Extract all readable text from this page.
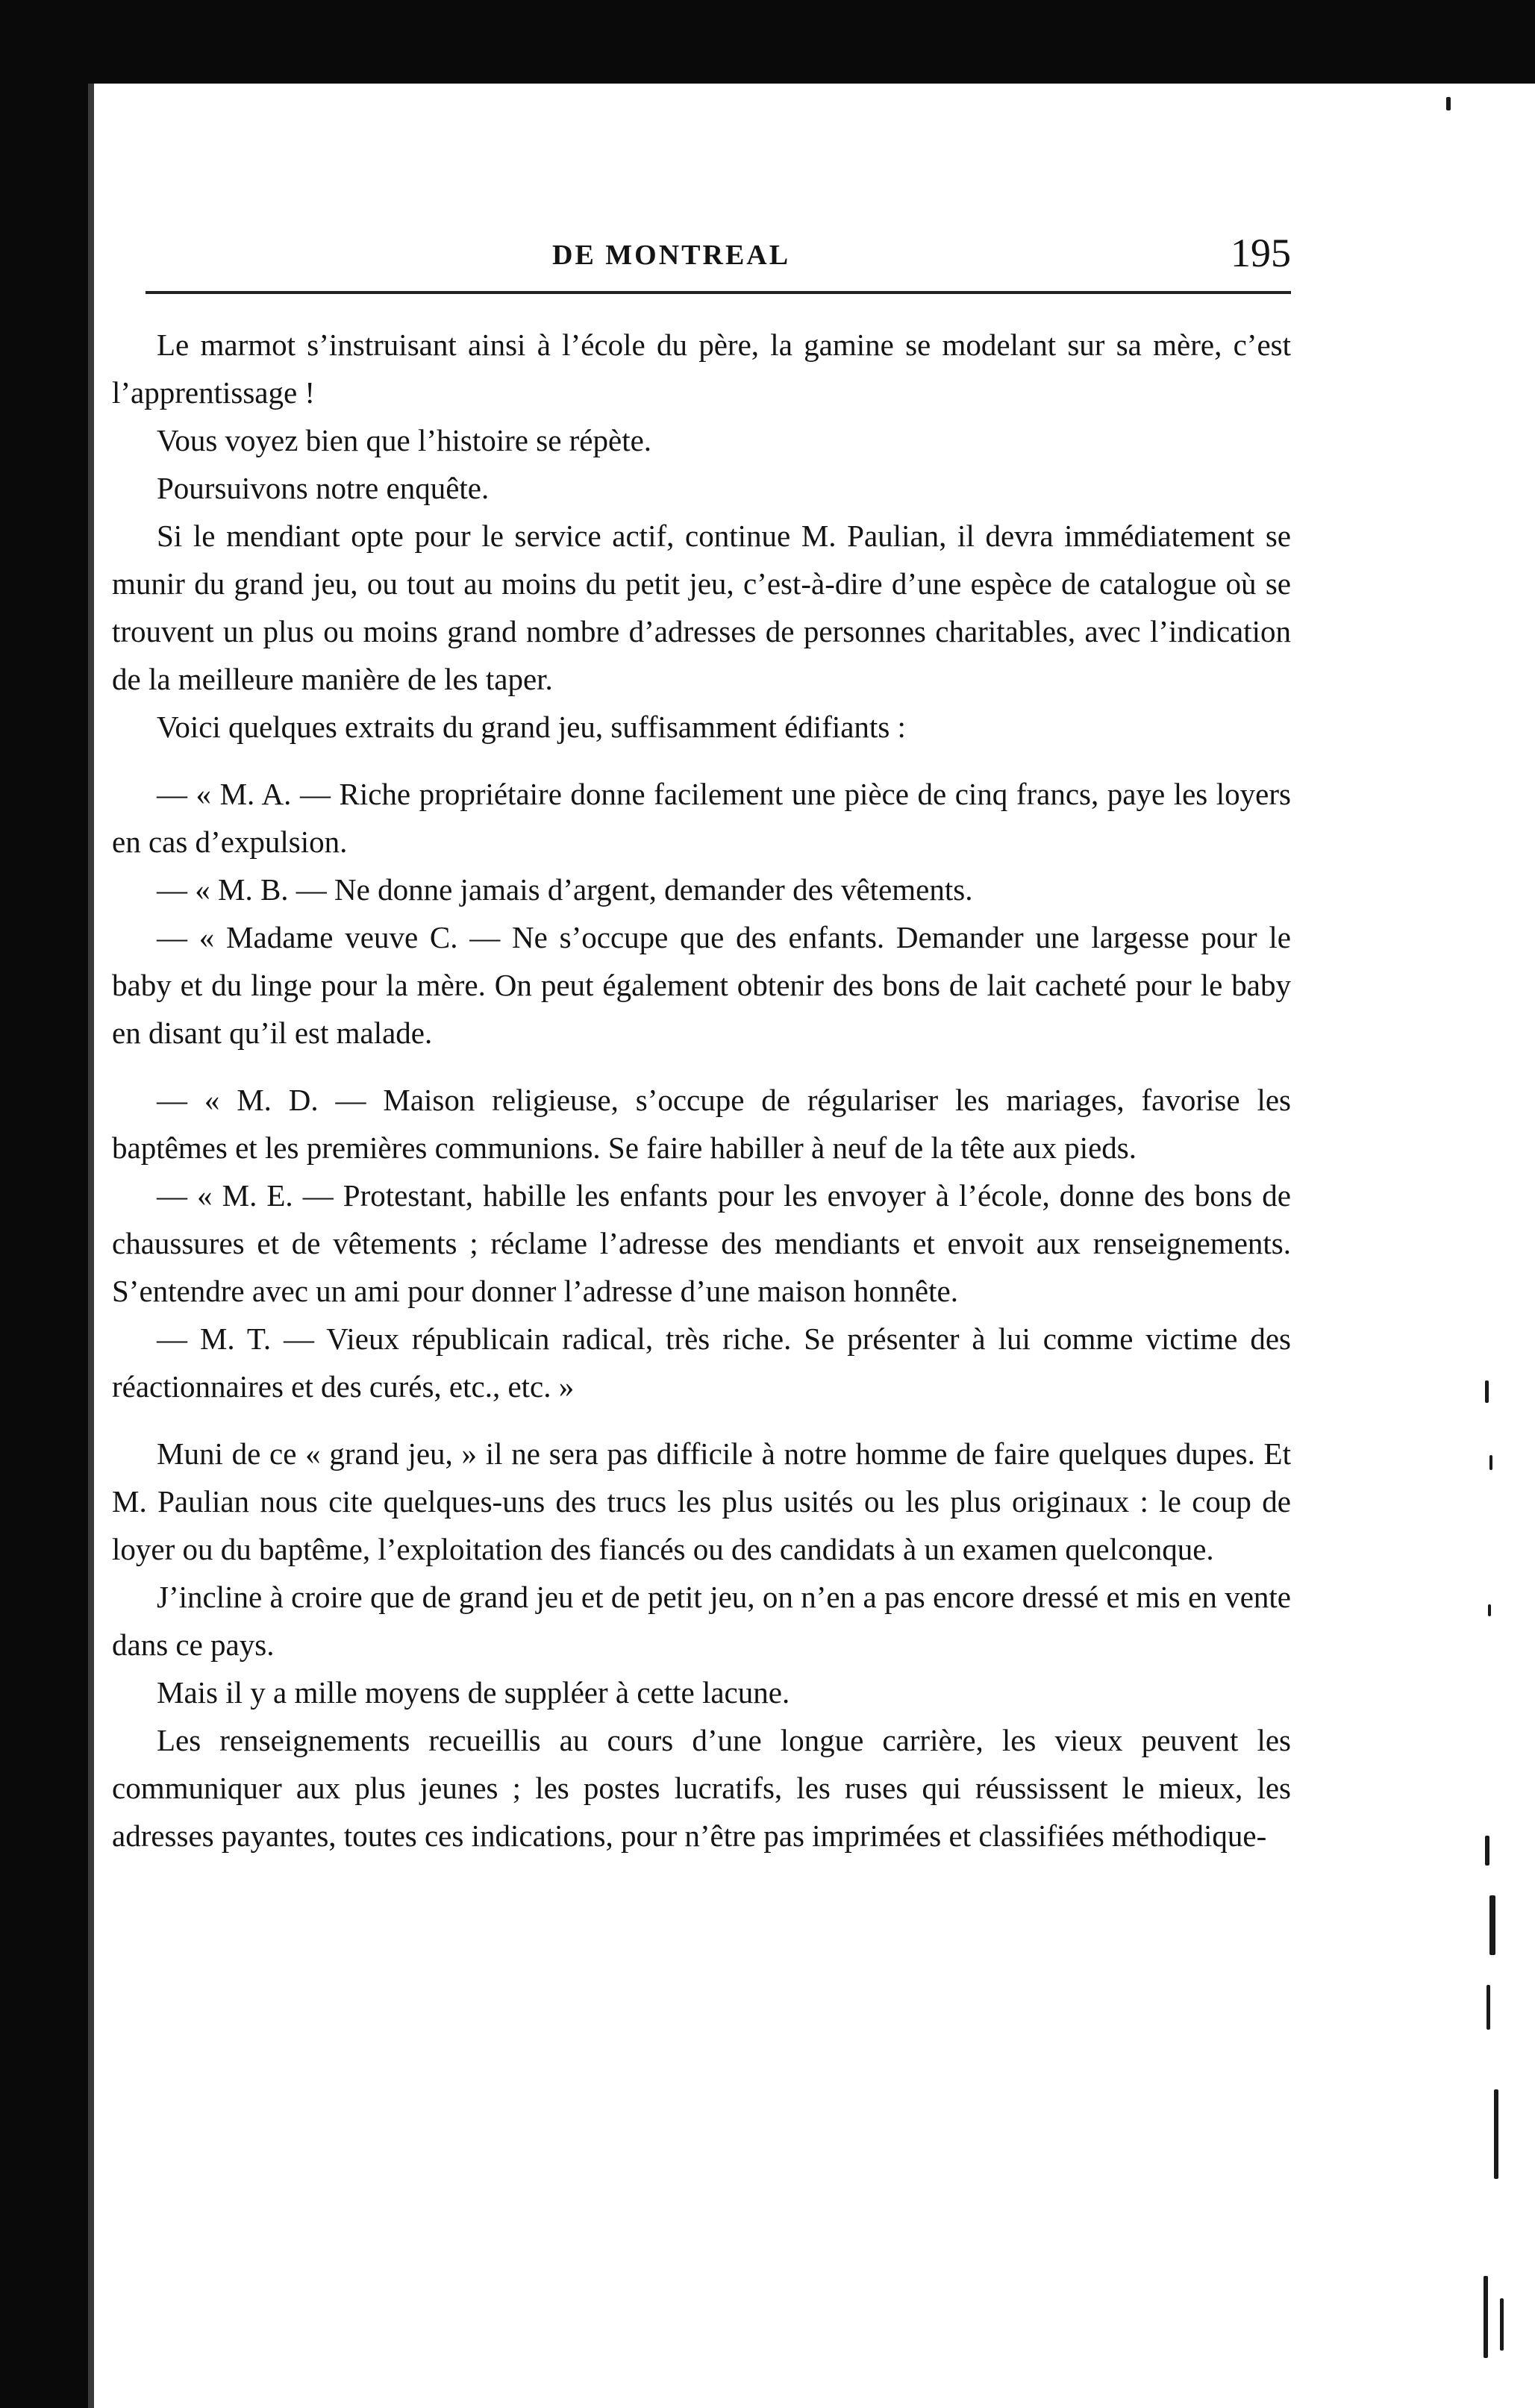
DE MONTREAL	195

Le marmot s’instruisant ainsi à l’école du père, la gamine se modelant sur sa mère, c’est l’apprentissage !

Vous voyez bien que l’histoire se répète.

Poursuivons notre enquête.

Si le mendiant opte pour le service actif, continue M. Paulian, il devra immédiatement se munir du grand jeu, ou tout au moins du petit jeu, c’est-à-dire d’une espèce de catalogue où se trouvent un plus ou moins grand nombre d’adresses de personnes charitables, avec l’indication de la meilleure manière de les taper.

Voici quelques extraits du grand jeu, suffisamment édifiants :

— « M. A. — Riche propriétaire donne facilement une pièce de cinq francs, paye les loyers en cas d’expulsion.

— « M. B. — Ne donne jamais d’argent, demander des vêtements.

— « Madame veuve C. — Ne s’occupe que des enfants. Demander une largesse pour le baby et du linge pour la mère. On peut également obtenir des bons de lait cacheté pour le baby en disant qu’il est malade.

— « M. D. — Maison religieuse, s’occupe de régulariser les mariages, favorise les baptêmes et les premières communions. Se faire habiller à neuf de la tête aux pieds.

— « M. E. — Protestant, habille les enfants pour les envoyer à l’école, donne des bons de chaussures et de vêtements ; réclame l’adresse des mendiants et envoit aux renseignements. S’entendre avec un ami pour donner l’adresse d’une maison honnête.

— M. T. — Vieux républicain radical, très riche. Se présenter à lui comme victime des réactionnaires et des curés, etc., etc. »

Muni de ce « grand jeu, » il ne sera pas difficile à notre homme de faire quelques dupes. Et M. Paulian nous cite quelques-uns des trucs les plus usités ou les plus originaux : le coup de loyer ou du baptême, l’exploitation des fiancés ou des candidats à un examen quelconque.

J’incline à croire que de grand jeu et de petit jeu, on n’en a pas encore dressé et mis en vente dans ce pays.

Mais il y a mille moyens de suppléer à cette lacune.

Les renseignements recueillis au cours d’une longue carrière, les vieux peuvent les communiquer aux plus jeunes ; les postes lucratifs, les ruses qui réussissent le mieux, les adresses payantes, toutes ces indications, pour n’être pas imprimées et classifiées méthodique-
